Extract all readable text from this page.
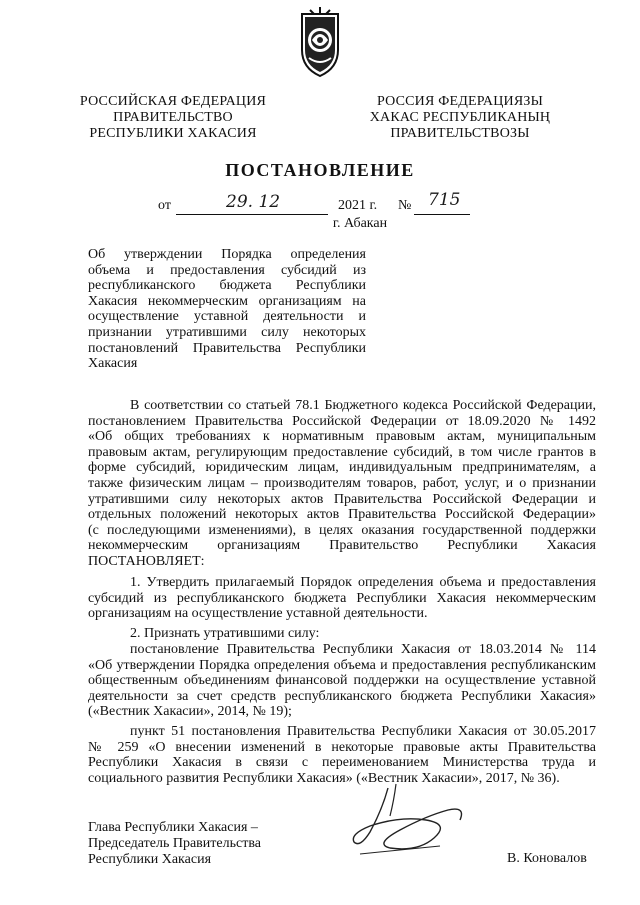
РОССИЙСКАЯ ФЕДЕРАЦИЯ
ПРАВИТЕЛЬСТВО
РЕСПУБЛИКИ ХАКАСИЯ
РОССИЯ ФЕДЕРАЦИЯЗЫ
ХАКАС РЕСПУБЛИКАНЫҢ
ПРАВИТЕЛЬСТВОЗЫ
ПОСТАНОВЛЕНИЕ
от	29. 12	2021 г. № 715
г. Абакан
Об утверждении Порядка определения
объема и предоставления субсидий из
республиканского бюджета Республики
Хакасия некоммерческим организациям на
осуществление уставной деятельности и
признании утратившими силу некоторых
постановлений Правительства Республики
Хакасия
В соответствии со статьей 78.1 Бюджетного кодекса Российской Федерации,
постановлением Правительства Российской Федерации от 18.09.2020 № 1492
«Об общих требованиях к нормативным правовым актам, муниципальным
правовым актам, регулирующим предоставление субсидий, в том числе грантов в
форме субсидий, юридическим лицам, индивидуальным предпринимателям, а
также физическим лицам – производителям товаров, работ, услуг, и о признании
утратившими силу некоторых актов Правительства Российской Федерации и
отдельных положений некоторых актов Правительства Российской Федерации»
(с последующими изменениями), в целях оказания государственной поддержки
некоммерческим организациям Правительство Республики Хакасия
ПОСТАНОВЛЯЕТ:
1. Утвердить прилагаемый Порядок определения объема и предоставления
субсидий из республиканского бюджета Республики Хакасия некоммерческим
организациям на осуществление уставной деятельности.
2. Признать утратившими силу:
постановление Правительства Республики Хакасия от 18.03.2014 № 114
«Об утверждении Порядка определения объема и предоставления республиканским
общественным объединениям финансовой поддержки на осуществление уставной
деятельности за счет средств республиканского бюджета Республики Хакасия»
(«Вестник Хакасии», 2014, № 19);
пункт 51 постановления Правительства Республики Хакасия от 30.05.2017
№ 259 «О внесении изменений в некоторые правовые акты Правительства
Республики Хакасия в связи с переименованием Министерства труда и
социального развития Республики Хакасия» («Вестник Хакасии», 2017, № 36).
Глава Республики Хакасия –
Председатель Правительства
Республики Хакасия	В. Коновалов
